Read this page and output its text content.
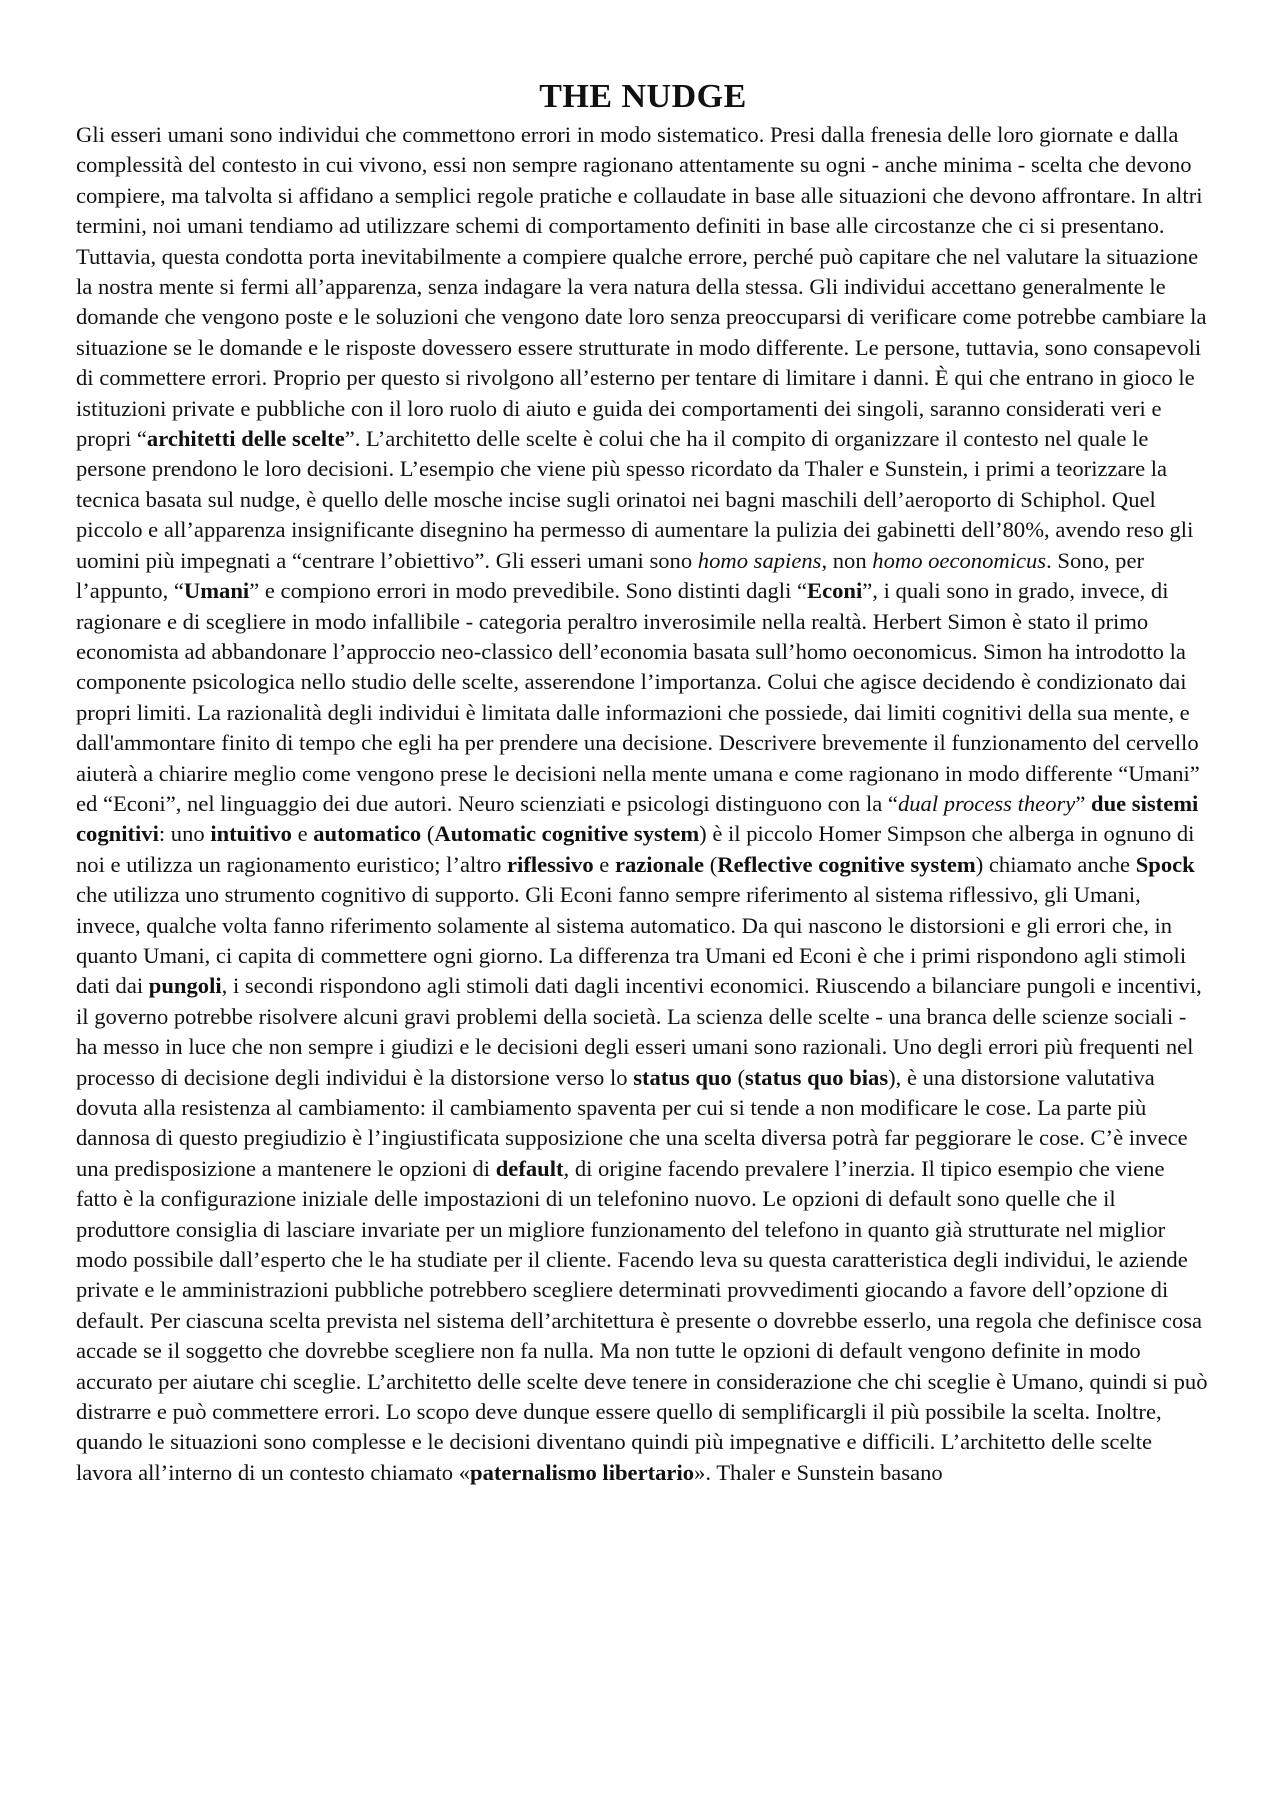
THE NUDGE

Gli esseri umani sono individui che commettono errori in modo sistematico. Presi dalla frenesia delle loro giornate e dalla complessità del contesto in cui vivono, essi non sempre ragionano attentamente su ogni - anche minima - scelta che devono compiere, ma talvolta si affidano a semplici regole pratiche e collaudate in base alle situazioni che devono affrontare. In altri termini, noi umani tendiamo ad utilizzare schemi di comportamento definiti in base alle circostanze che ci si presentano. Tuttavia, questa condotta porta inevitabilmente a compiere qualche errore, perché può capitare che nel valutare la situazione la nostra mente si fermi all’apparenza, senza indagare la vera natura della stessa. Gli individui accettano generalmente le domande che vengono poste e le soluzioni che vengono date loro senza preoccuparsi di verificare come potrebbe cambiare la situazione se le domande e le risposte dovessero essere strutturate in modo differente. Le persone, tuttavia, sono consapevoli di commettere errori. Proprio per questo si rivolgono all’esterno per tentare di limitare i danni. È qui che entrano in gioco le istituzioni private e pubbliche con il loro ruolo di aiuto e guida dei comportamenti dei singoli, saranno considerati veri e propri “architetti delle scelte”. L’architetto delle scelte è colui che ha il compito di organizzare il contesto nel quale le persone prendono le loro decisioni. L’esempio che viene più spesso ricordato da Thaler e Sunstein, i primi a teorizzare la tecnica basata sul nudge, è quello delle mosche incise sugli orinatoi nei bagni maschili dell’aeroporto di Schiphol. Quel piccolo e all’apparenza insignificante disegnino ha permesso di aumentare la pulizia dei gabinetti dell’80%, avendo reso gli uomini più impegnati a “centrare l’obiettivo”. Gli esseri umani sono homo sapiens, non homo oeconomicus. Sono, per l’appunto, “Umani” e compiono errori in modo prevedibile. Sono distinti dagli “Econi”, i quali sono in grado, invece, di ragionare e di scegliere in modo infallibile - categoria peraltro inverosimile nella realtà. Herbert Simon è stato il primo economista ad abbandonare l’approccio neo-classico dell’economia basata sull’homo oeconomicus. Simon ha introdotto la componente psicologica nello studio delle scelte, asserendone l’importanza. Colui che agisce decidendo è condizionato dai propri limiti. La razionalità degli individui è limitata dalle informazioni che possiede, dai limiti cognitivi della sua mente, e dall'ammontare finito di tempo che egli ha per prendere una decisione. Descrivere brevemente il funzionamento del cervello aiuterà a chiarire meglio come vengono prese le decisioni nella mente umana e come ragionano in modo differente “Umani” ed “Econi”, nel linguaggio dei due autori. Neuro scienziati e psicologi distinguono con la “dual process theory” due sistemi cognitivi: uno intuitivo e automatico (Automatic cognitive system) è il piccolo Homer Simpson che alberga in ognuno di noi e utilizza un ragionamento euristico; l’altro riflessivo e razionale (Reflective cognitive system) chiamato anche Spock che utilizza uno strumento cognitivo di supporto. Gli Econi fanno sempre riferimento al sistema riflessivo, gli Umani, invece, qualche volta fanno riferimento solamente al sistema automatico. Da qui nascono le distorsioni e gli errori che, in quanto Umani, ci capita di commettere ogni giorno. La differenza tra Umani ed Econi è che i primi rispondono agli stimoli dati dai pungoli, i secondi rispondono agli stimoli dati dagli incentivi economici. Riuscendo a bilanciare pungoli e incentivi, il governo potrebbe risolvere alcuni gravi problemi della società. La scienza delle scelte - una branca delle scienze sociali - ha messo in luce che non sempre i giudizi e le decisioni degli esseri umani sono razionali. Uno degli errori più frequenti nel processo di decisione degli individui è la distorsione verso lo status quo (status quo bias), è una distorsione valutativa dovuta alla resistenza al cambiamento: il cambiamento spaventa per cui si tende a non modificare le cose. La parte più dannosa di questo pregiudizio è l’ingiustificata supposizione che una scelta diversa potrà far peggiorare le cose. C’è invece una predisposizione a mantenere le opzioni di default, di origine facendo prevalere l’inerzia. Il tipico esempio che viene fatto è la configurazione iniziale delle impostazioni di un telefonino nuovo. Le opzioni di default sono quelle che il produttore consiglia di lasciare invariate per un migliore funzionamento del telefono in quanto già strutturate nel miglior modo possibile dall’esperto che le ha studiate per il cliente. Facendo leva su questa caratteristica degli individui, le aziende private e le amministrazioni pubbliche potrebbero scegliere determinati provvedimenti giocando a favore dell’opzione di default. Per ciascuna scelta prevista nel sistema dell’architettura è presente o dovrebbe esserlo, una regola che definisce cosa accade se il soggetto che dovrebbe scegliere non fa nulla. Ma non tutte le opzioni di default vengono definite in modo accurato per aiutare chi sceglie. L’architetto delle scelte deve tenere in considerazione che chi sceglie è Umano, quindi si può distrarre e può commettere errori. Lo scopo deve dunque essere quello di semplificargli il più possibile la scelta. Inoltre, quando le situazioni sono complesse e le decisioni diventano quindi più impegnative e difficili. L’architetto delle scelte lavora all’interno di un contesto chiamato «paternalismo libertario». Thaler e Sunstein basano
